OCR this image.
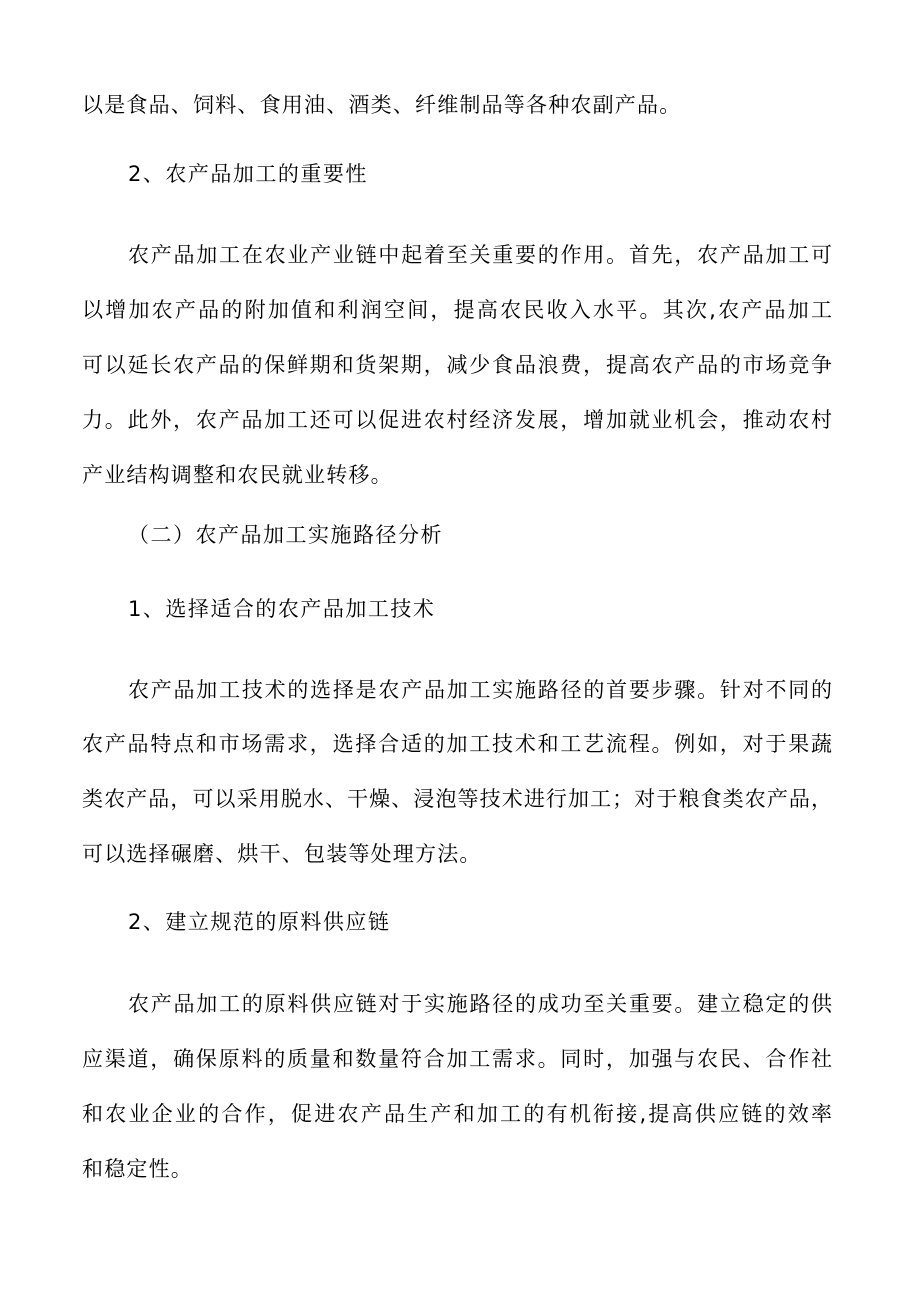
以是食品、饲料、食用油、酒类、纤维制品等各种农副产品。
2、农产品加工的重要性
农产品加工在农业产业链中起着至关重要的作用。首先，农产品加工可
以增加农产品的附加值和利润空间，提高农民收入水平。其次,农产品加工
可以延长农产品的保鲜期和货架期，减少食品浪费，提高农产品的市场竞争
力。此外，农产品加工还可以促进农村经济发展，增加就业机会，推动农村
产业结构调整和农民就业转移。
（二）农产品加工实施路径分析
1、选择适合的农产品加工技术
农产品加工技术的选择是农产品加工实施路径的首要步骤。针对不同的
农产品特点和市场需求，选择合适的加工技术和工艺流程。例如，对于果蔬
类农产品，可以采用脱水、干燥、浸泡等技术进行加工；对于粮食类农产品，
可以选择碾磨、烘干、包装等处理方法。
2、建立规范的原料供应链
农产品加工的原料供应链对于实施路径的成功至关重要。建立稳定的供
应渠道，确保原料的质量和数量符合加工需求。同时，加强与农民、合作社
和农业企业的合作，促进农产品生产和加工的有机衔接,提高供应链的效率
和稳定性。
